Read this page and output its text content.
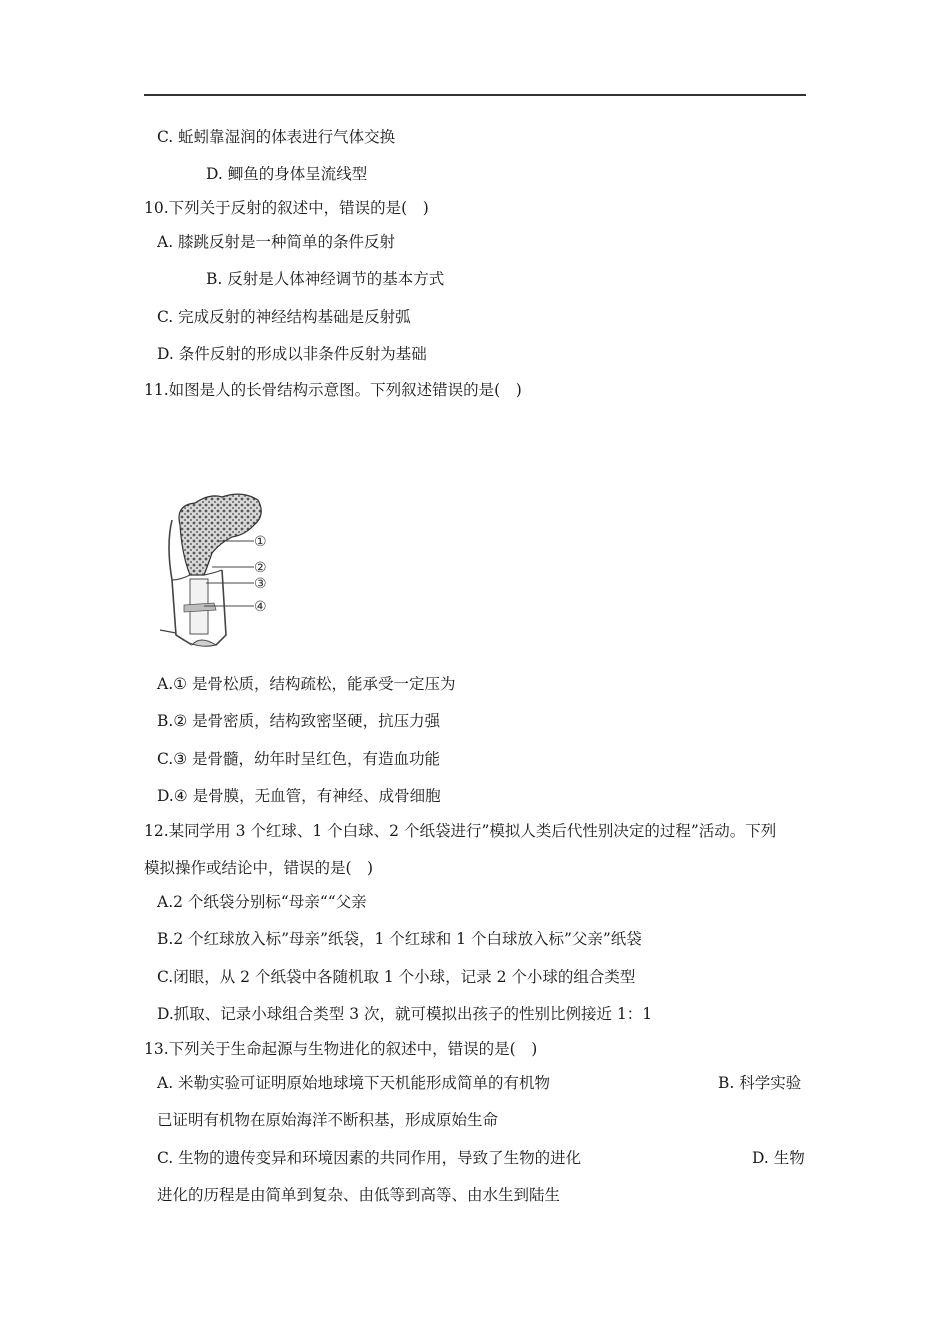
C. 蚯蚓靠湿润的体表进行气体交换
D. 鲫鱼的身体呈流线型
10.下列关于反射的叙述中，错误的是(　)
A. 膝跳反射是一种简单的条件反射
B. 反射是人体神经调节的基本方式
C. 完成反射的神经结构基础是反射弧
D. 条件反射的形成以非条件反射为基础
11.如图是人的长骨结构示意图。下列叙述错误的是(　)
①
②
③
④
A.① 是骨松质，结构疏松，能承受一定压为
B.② 是骨密质，结构致密坚硬，抗压力强
C.③ 是骨髓，幼年时呈红色，有造血功能
D.④ 是骨膜，无血管，有神经、成骨细胞
12.某同学用 3 个红球、1 个白球、2 个纸袋进行”模拟人类后代性别决定的过程”活动。下列
模拟操作或结论中，错误的是(　)
A.2 个纸袋分别标“母亲““父亲
B.2 个红球放入标”母亲”纸袋，1 个红球和 1 个白球放入标”父亲”纸袋
C.闭眼，从 2 个纸袋中各随机取 1 个小球，记录 2 个小球的组合类型
D.抓取、记录小球组合类型 3 次，就可模拟出孩子的性别比例接近 1：1
13.下列关于生命起源与生物进化的叙述中，错误的是(　)
A. 米勒实验可证明原始地球境下天机能形成简单的有机物	B. 科学实验
已证明有机物在原始海洋不断积基，形成原始生命
C. 生物的遗传变异和环境因素的共同作用，导致了生物的进化	D. 生物
进化的历程是由简单到复杂、由低等到高等、由水生到陆生
